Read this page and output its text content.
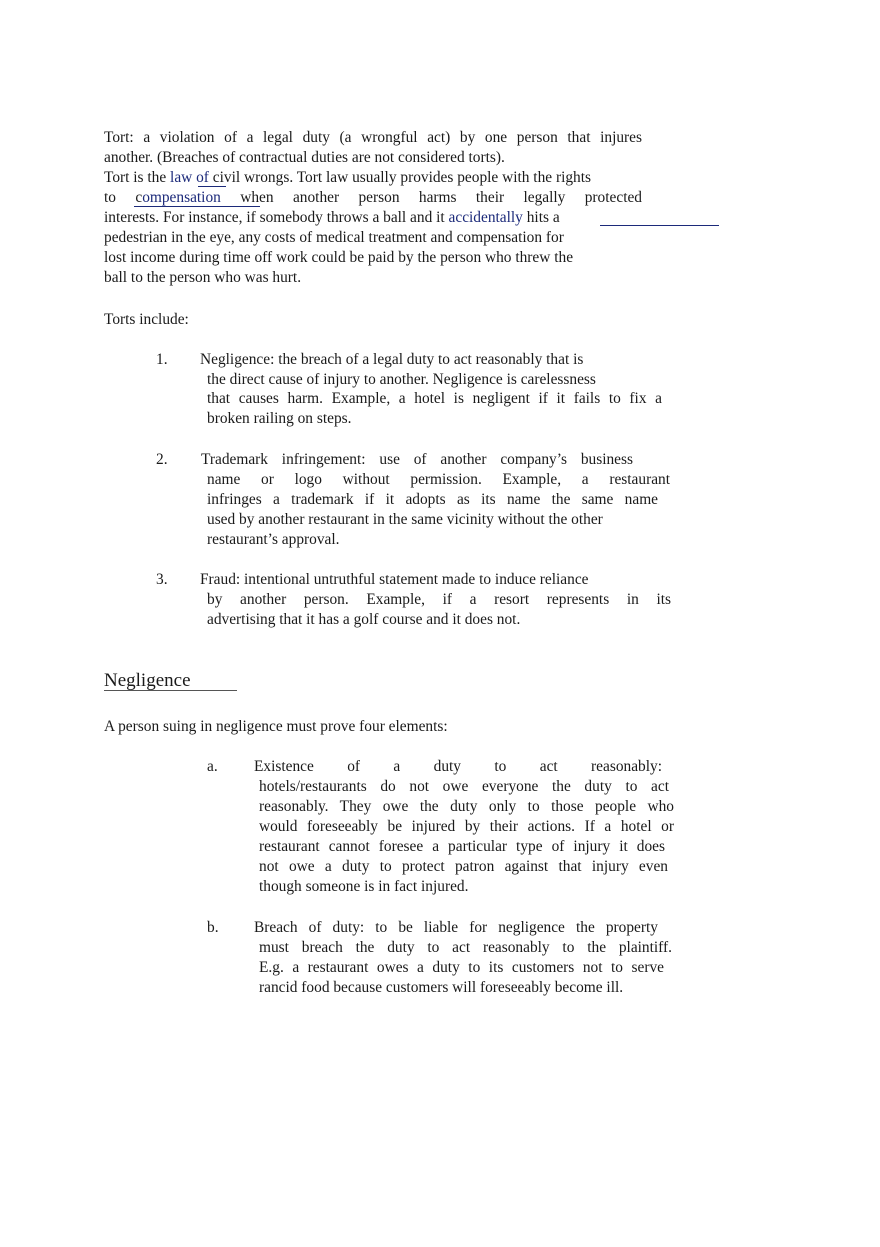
Tort: a violation of a legal duty (a wrongful act) by one person that injures
another. (Breaches of contractual duties are not considered torts).
Tort is the law of civil wrongs. Tort law usually provides people with the rights
to compensation when another person harms their legally protected
interests. For instance, if somebody throws a ball and it accidentally hits a
pedestrian in the eye, any costs of medical treatment and compensation for
lost income during time off work could be paid by the person who threw the
ball to the person who was hurt.
Torts include:
1. Negligence: the breach of a legal duty to act reasonably that is
the direct cause of injury to another. Negligence is carelessness
that causes harm. Example, a hotel is negligent if it fails to fix a
broken railing on steps.
2. Trademark infringement: use of another company’s business
name or logo without permission. Example, a restaurant
infringes a trademark if it adopts as its name the same name
used by another restaurant in the same vicinity without the other
restaurant’s approval.
3. Fraud: intentional untruthful statement made to induce reliance
by another person. Example, if a resort represents in its
advertising that it has a golf course and it does not.
Negligence
A person suing in negligence must prove four elements:
a. Existence of a duty to act reasonably:
hotels/restaurants do not owe everyone the duty to act
reasonably. They owe the duty only to those people who
would foreseeably be injured by their actions. If a hotel or
restaurant cannot foresee a particular type of injury it does
not owe a duty to protect patron against that injury even
though someone is in fact injured.
b. Breach of duty: to be liable for negligence the property
must breach the duty to act reasonably to the plaintiff.
E.g. a restaurant owes a duty to its customers not to serve
rancid food because customers will foreseeably become ill.
